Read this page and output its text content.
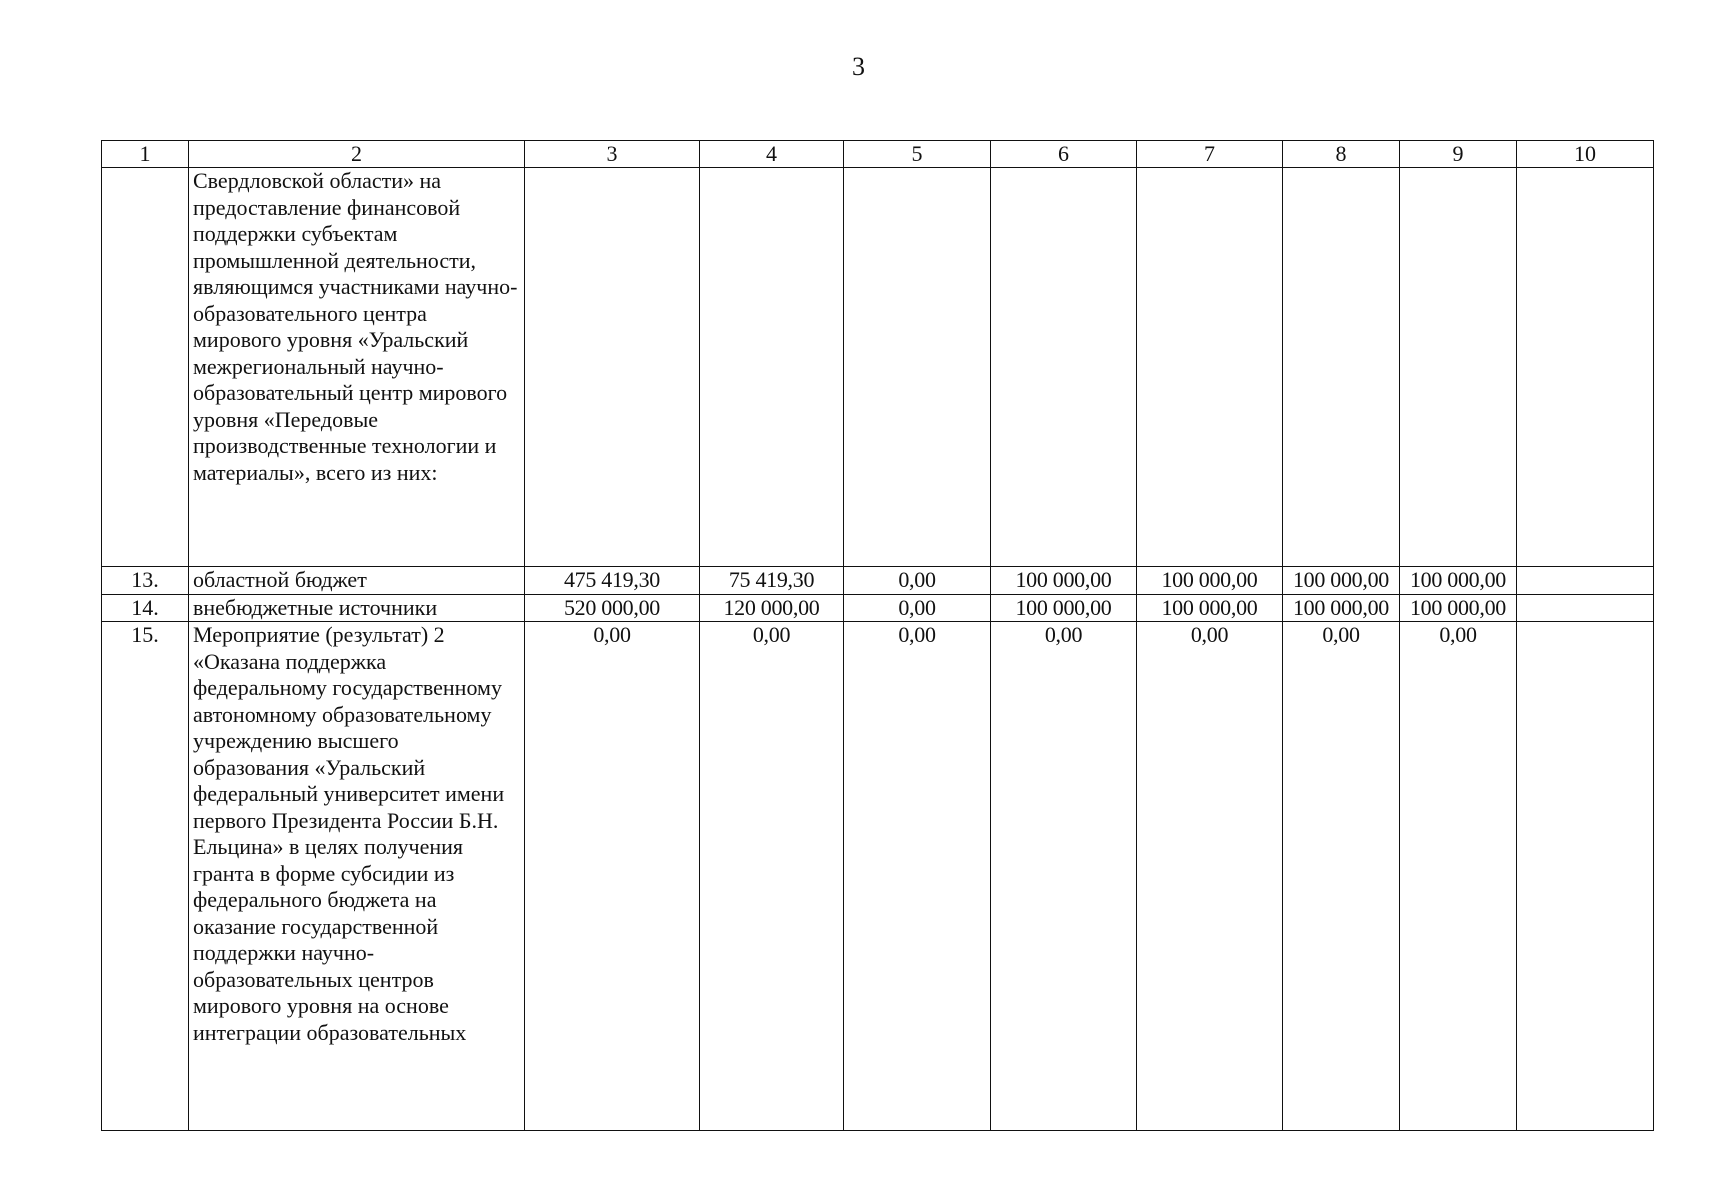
3
1	2	3	4	5	6	7	8	9	10
	Свердловской области» на предоставление финансовой поддержки субъектам промышленной деятельности, являющимся участниками научно-образовательного центра мирового уровня «Уральский межрегиональный научно-образовательный центр мирового уровня «Передовые производственные технологии и материалы», всего из них:								
13.	областной бюджет	475 419,30	75 419,30	0,00	100 000,00	100 000,00	100 000,00	100 000,00	
14.	внебюджетные источники	520 000,00	120 000,00	0,00	100 000,00	100 000,00	100 000,00	100 000,00	
15.	Мероприятие (результат) 2 «Оказана поддержка федеральному государственному автономному образовательному учреждению высшего образования «Уральский федеральный университет имени первого Президента России Б.Н. Ельцина» в целях получения гранта в форме субсидии из федерального бюджета на оказание государственной поддержки научно-образовательных центров мирового уровня на основе интеграции образовательных	0,00	0,00	0,00	0,00	0,00	0,00	0,00	
